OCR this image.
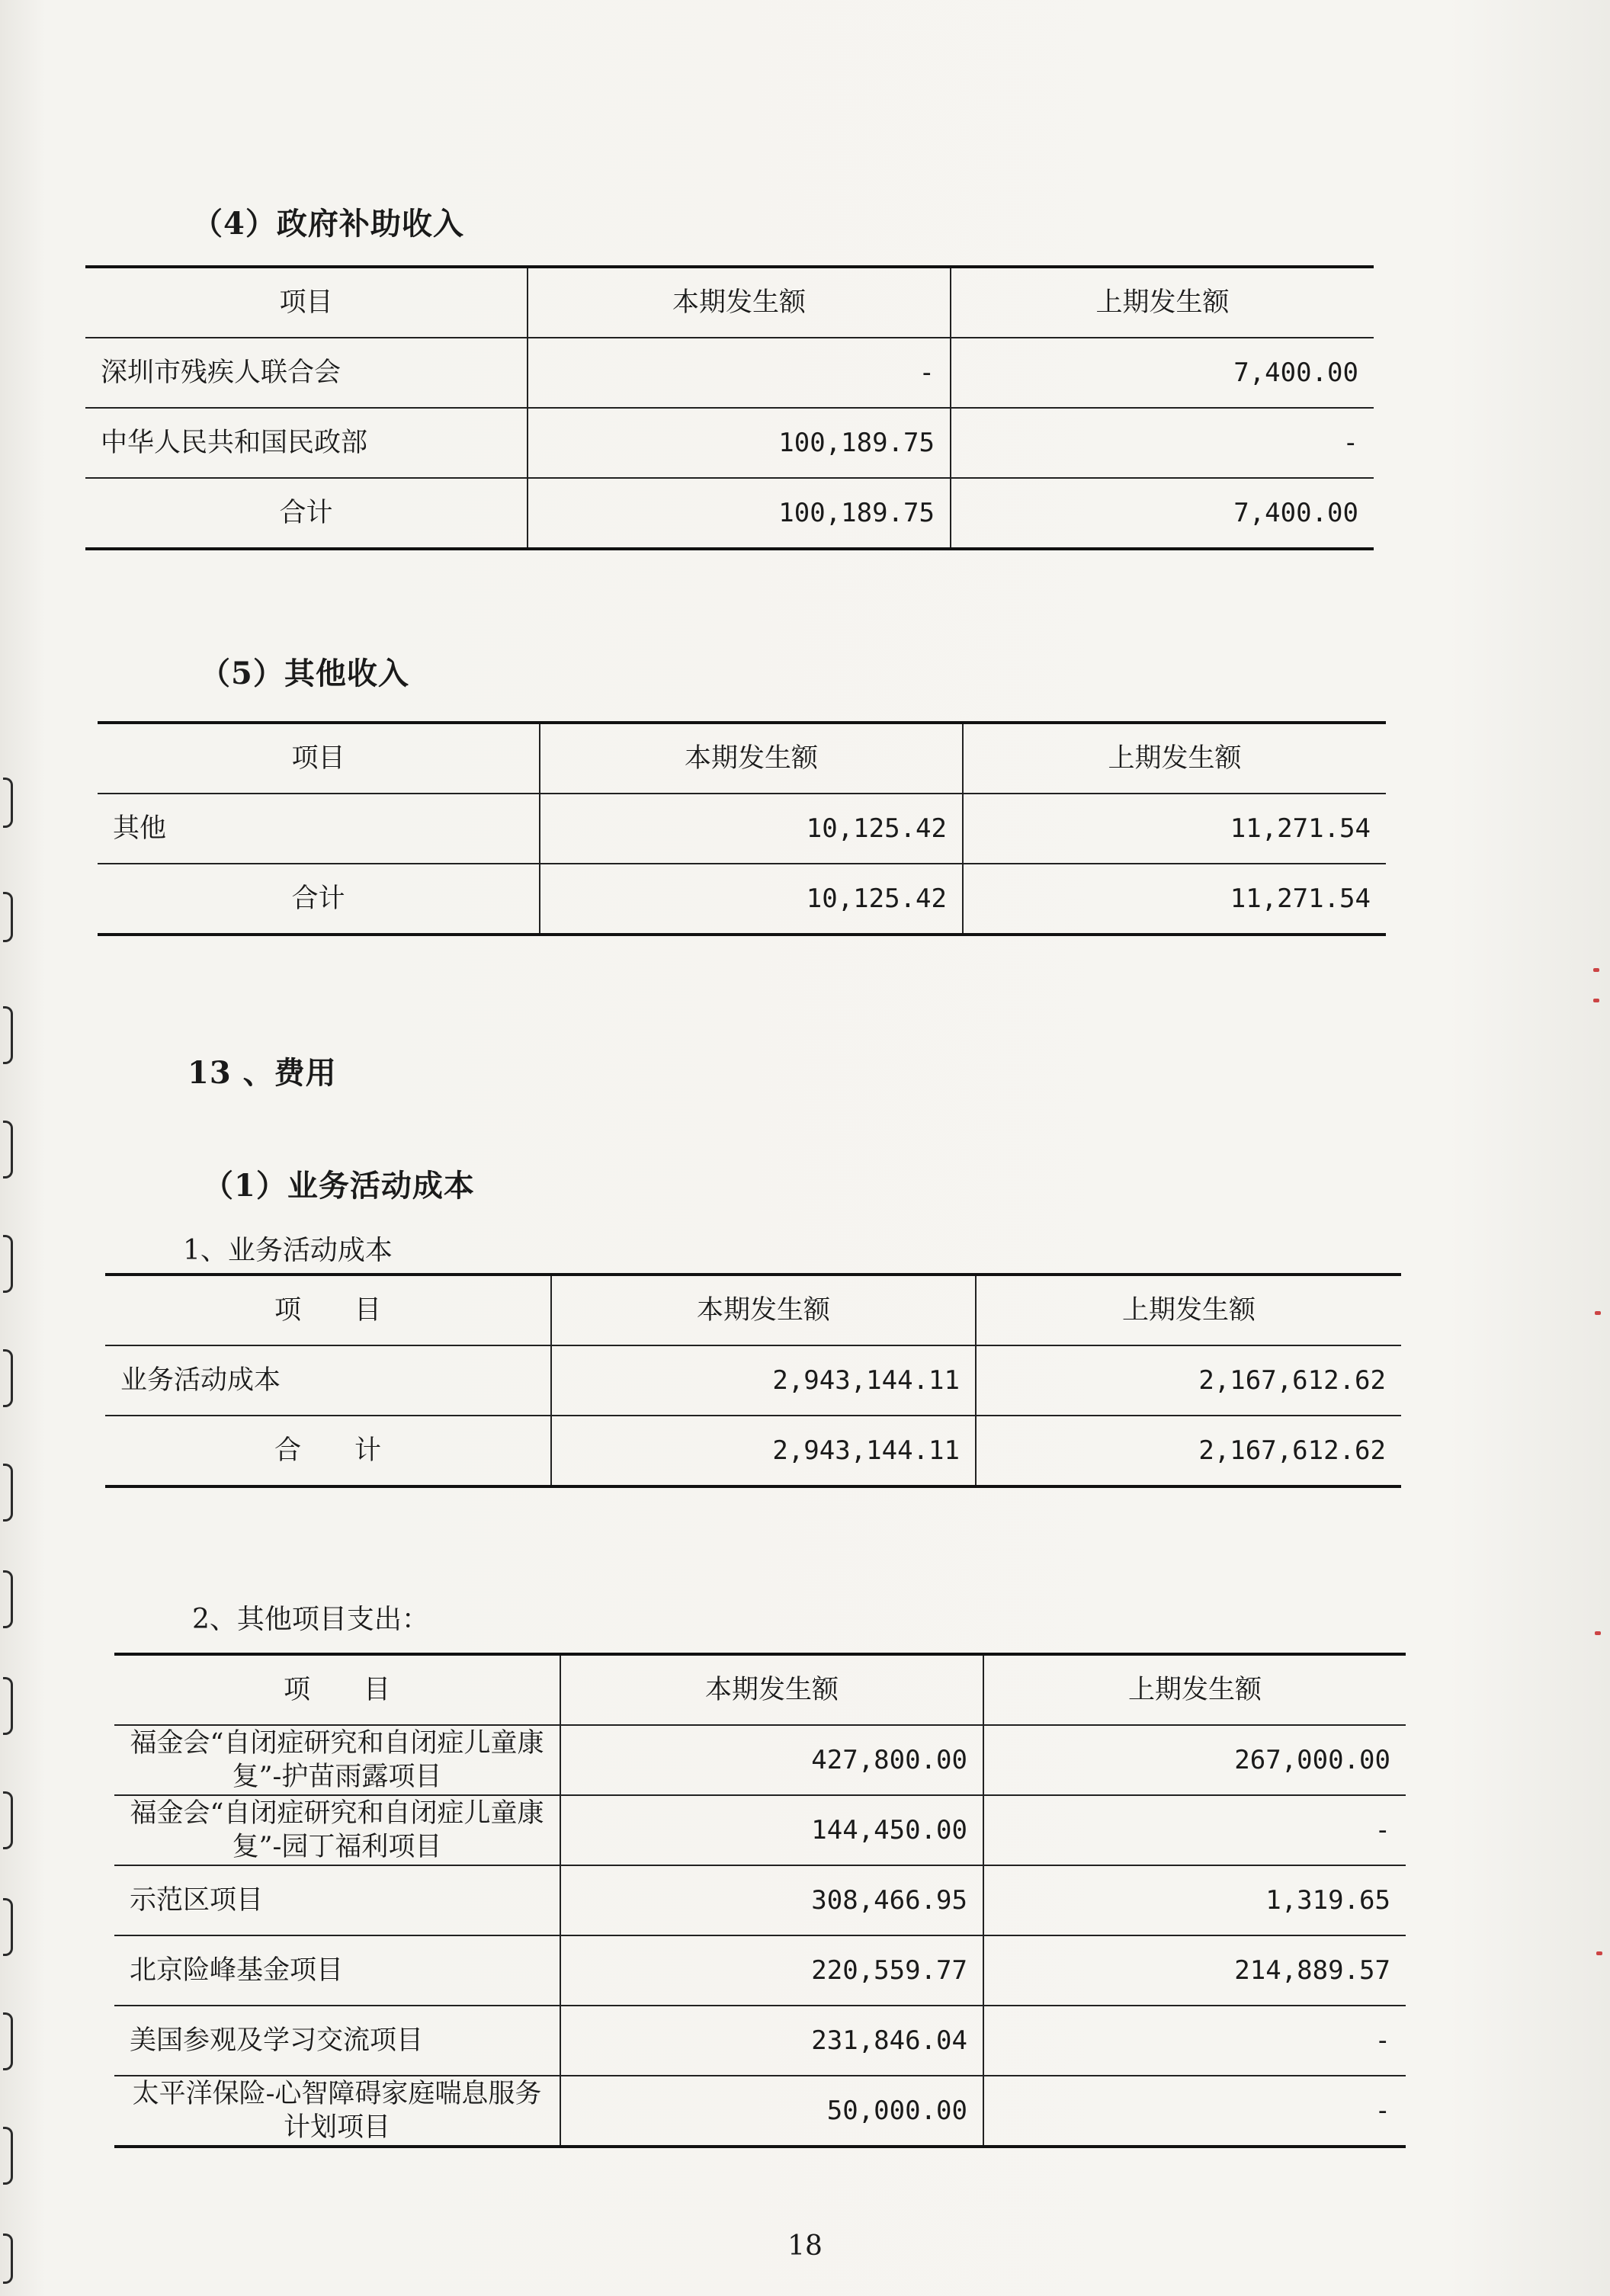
（4）政府补助收入
项目	本期发生额	上期发生额
深圳市残疾人联合会	-	7,400.00
中华人民共和国民政部	100,189.75	-
合计	100,189.75	7,400.00
（5）其他收入
项目	本期发生额	上期发生额
其他	10,125.42	11,271.54
合计	10,125.42	11,271.54
13 、费用
（1）业务活动成本
1、业务活动成本
项　　目	本期发生额	上期发生额
业务活动成本	2,943,144.11	2,167,612.62
合　　计	2,943,144.11	2,167,612.62
2、其他项目支出：
项　　目	本期发生额	上期发生额
福金会“自闭症研究和自闭症儿童康复”-护苗雨露项目	427,800.00	267,000.00
福金会“自闭症研究和自闭症儿童康复”-园丁福利项目	144,450.00	-
示范区项目	308,466.95	1,319.65
北京险峰基金项目	220,559.77	214,889.57
美国参观及学习交流项目	231,846.04	-
太平洋保险-心智障碍家庭喘息服务计划项目	50,000.00	-
18
